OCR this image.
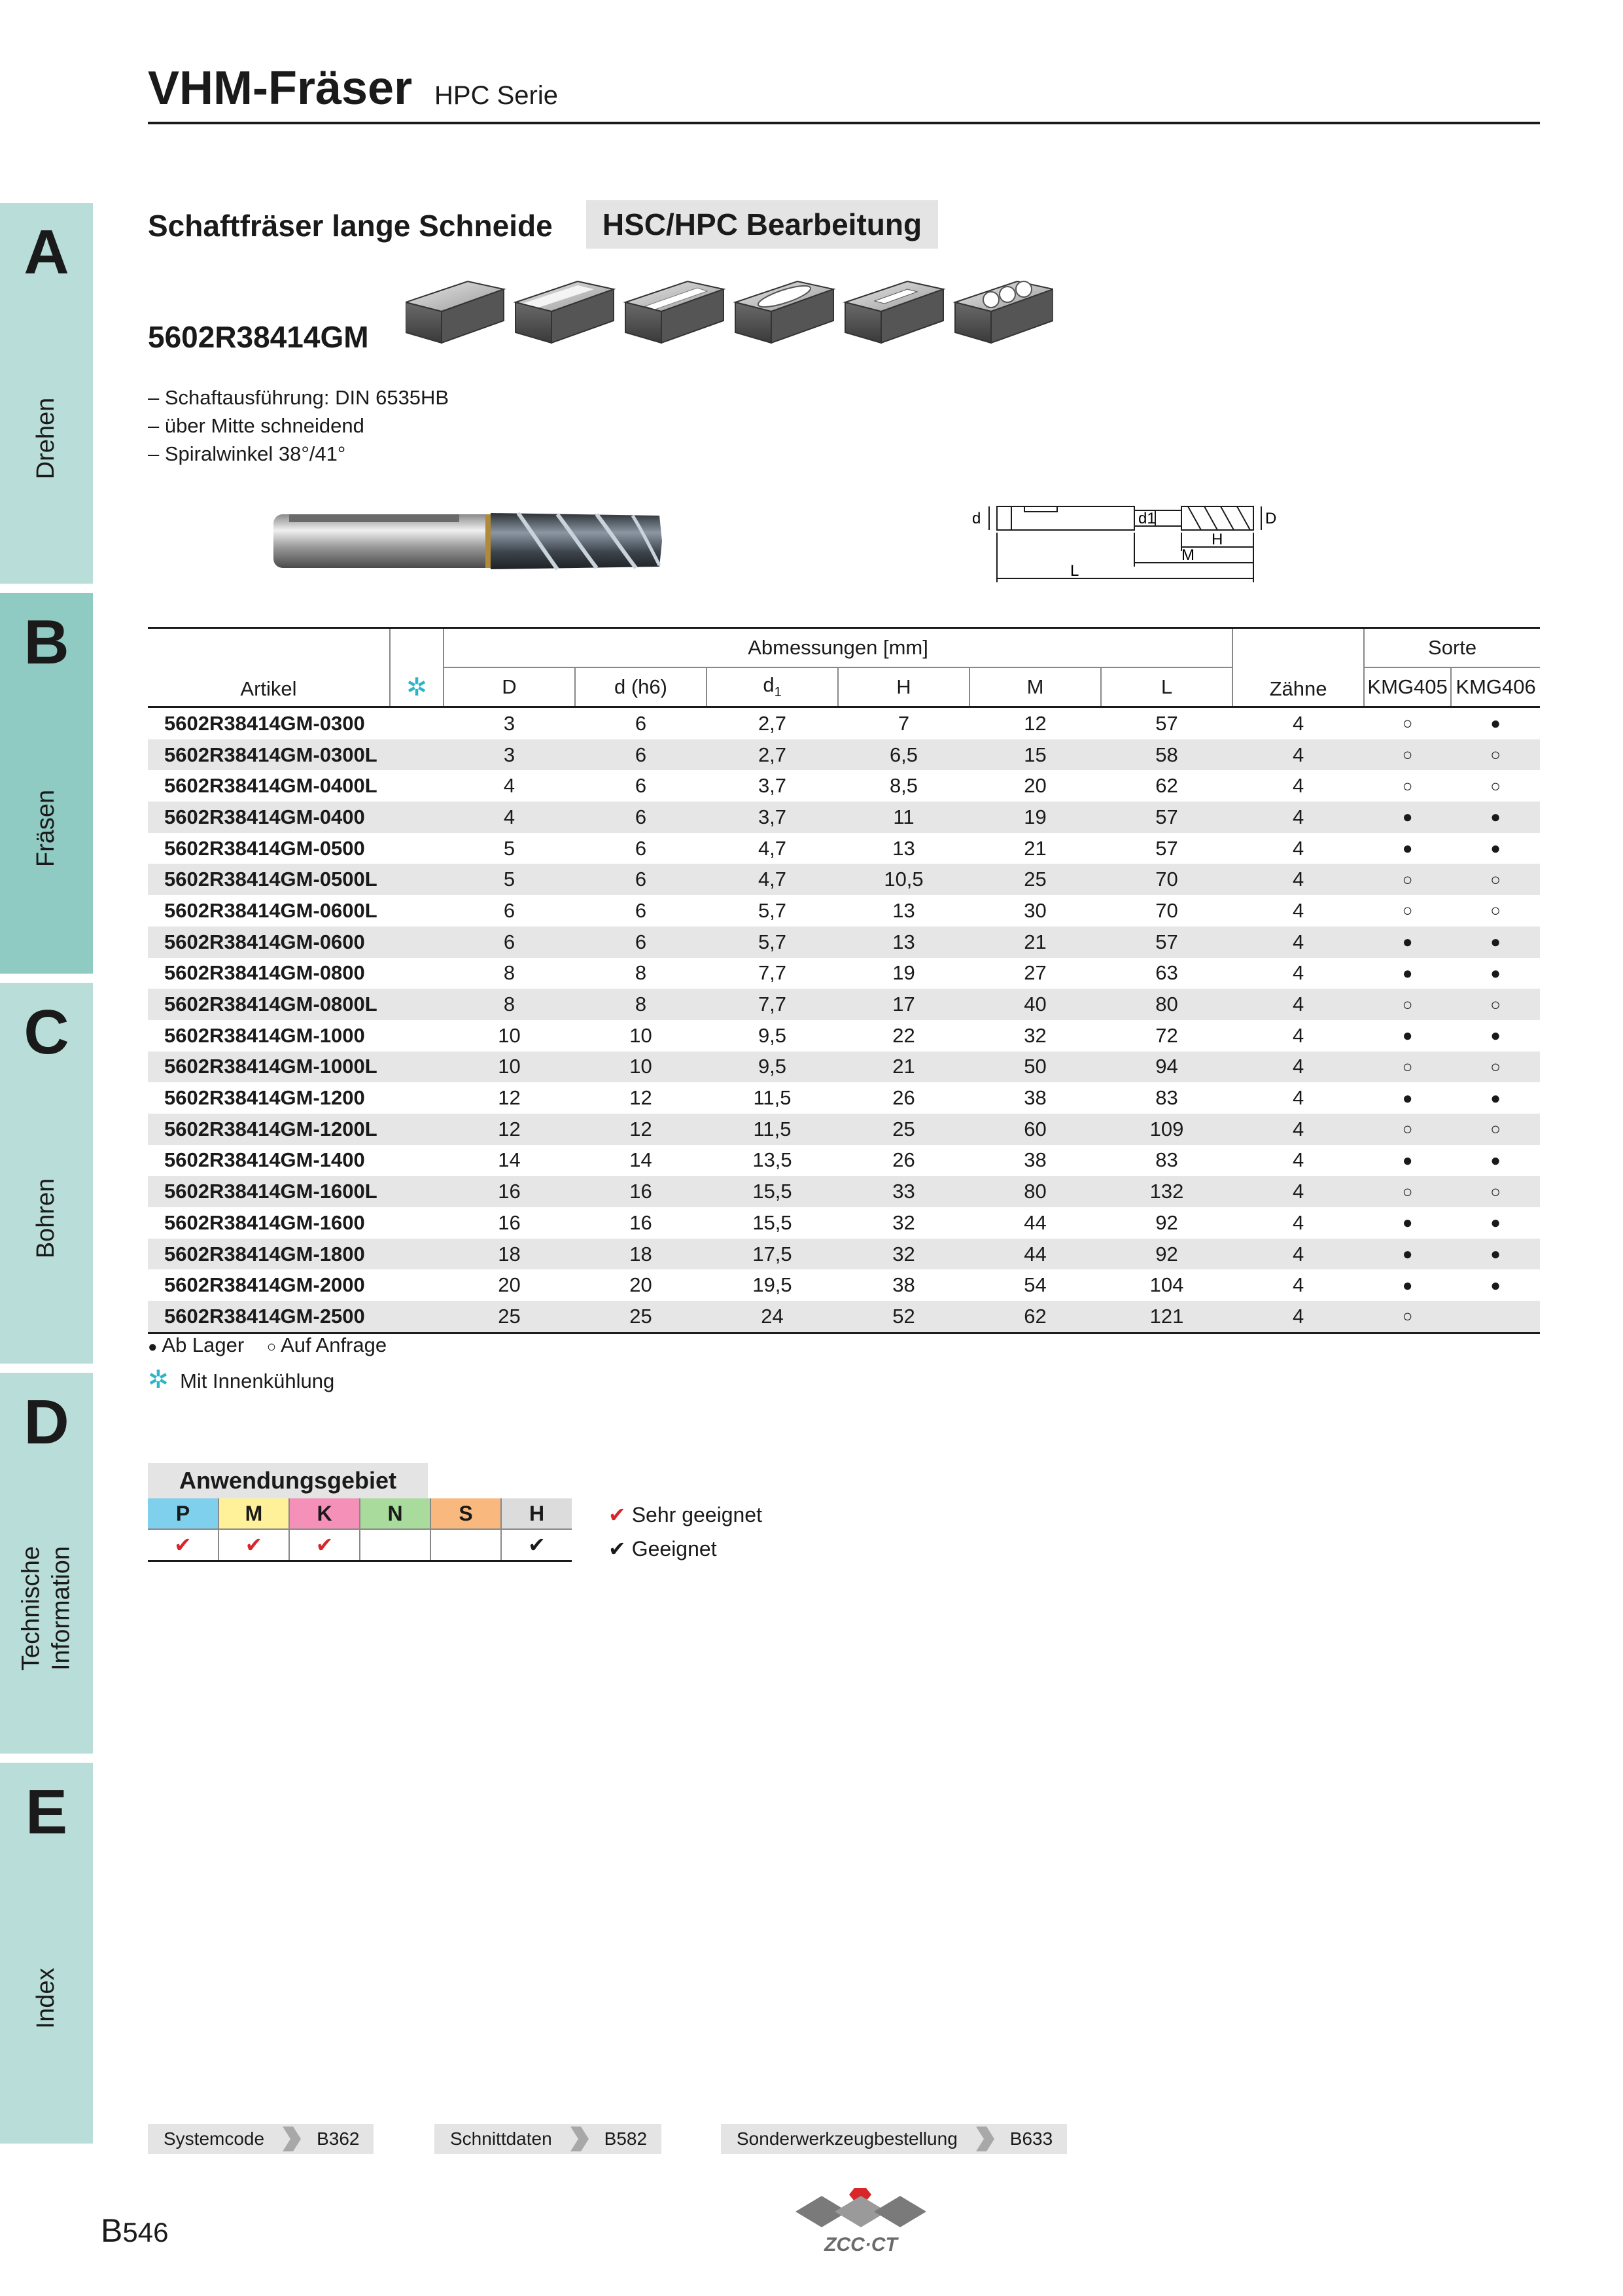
A
Drehen
B
Fräsen
C
Bohren
D
Technische Information
E
Index
VHM-Fräser HPC Serie
Schaftfräser lange Schneide	HSC/HPC Bearbeitung
5602R38414GM
– Schaftausführung: DIN 6535HB
– über Mitte schneidend
– Spiralwinkel 38°/41°
d	d1	D
H
M
L
Artikel	✲	Abmessungen [mm]						Zähne	Sorte	
		D	d (h6)	$d_1$	H	M	L		KMG405	KMG406
5602R38414GM-0300		3	6	2,7	7	12	57	4	○	●
5602R38414GM-0300L		3	6	2,7	6,5	15	58	4	○	○
5602R38414GM-0400L		4	6	3,7	8,5	20	62	4	○	○
5602R38414GM-0400		4	6	3,7	11	19	57	4	●	●
5602R38414GM-0500		5	6	4,7	13	21	57	4	●	●
5602R38414GM-0500L		5	6	4,7	10,5	25	70	4	○	○
5602R38414GM-0600L		6	6	5,7	13	30	70	4	○	○
5602R38414GM-0600		6	6	5,7	13	21	57	4	●	●
5602R38414GM-0800		8	8	7,7	19	27	63	4	●	●
5602R38414GM-0800L		8	8	7,7	17	40	80	4	○	○
5602R38414GM-1000		10	10	9,5	22	32	72	4	●	●
5602R38414GM-1000L		10	10	9,5	21	50	94	4	○	○
5602R38414GM-1200		12	12	11,5	26	38	83	4	●	●
5602R38414GM-1200L		12	12	11,5	25	60	109	4	○	○
5602R38414GM-1400		14	14	13,5	26	38	83	4	●	●
5602R38414GM-1600L		16	16	15,5	33	80	132	4	○	○
5602R38414GM-1600		16	16	15,5	32	44	92	4	●	●
5602R38414GM-1800		18	18	17,5	32	44	92	4	●	●
5602R38414GM-2000		20	20	19,5	38	54	104	4	●	●
5602R38414GM-2500		25	25	24	52	62	121	4	○	
● Ab Lager ○ Auf Anfrage
✲ Mit Innenkühlung
Anwendungsgebiet
P	M	K	N	S	H
✔	✔	✔			✔
✔ Sehr geeignet
✔ Geeignet
Systemcode	B362	Schnittdaten	B582	Sonderwerkzeugbestellung	B633
B546	ZCC·CT
